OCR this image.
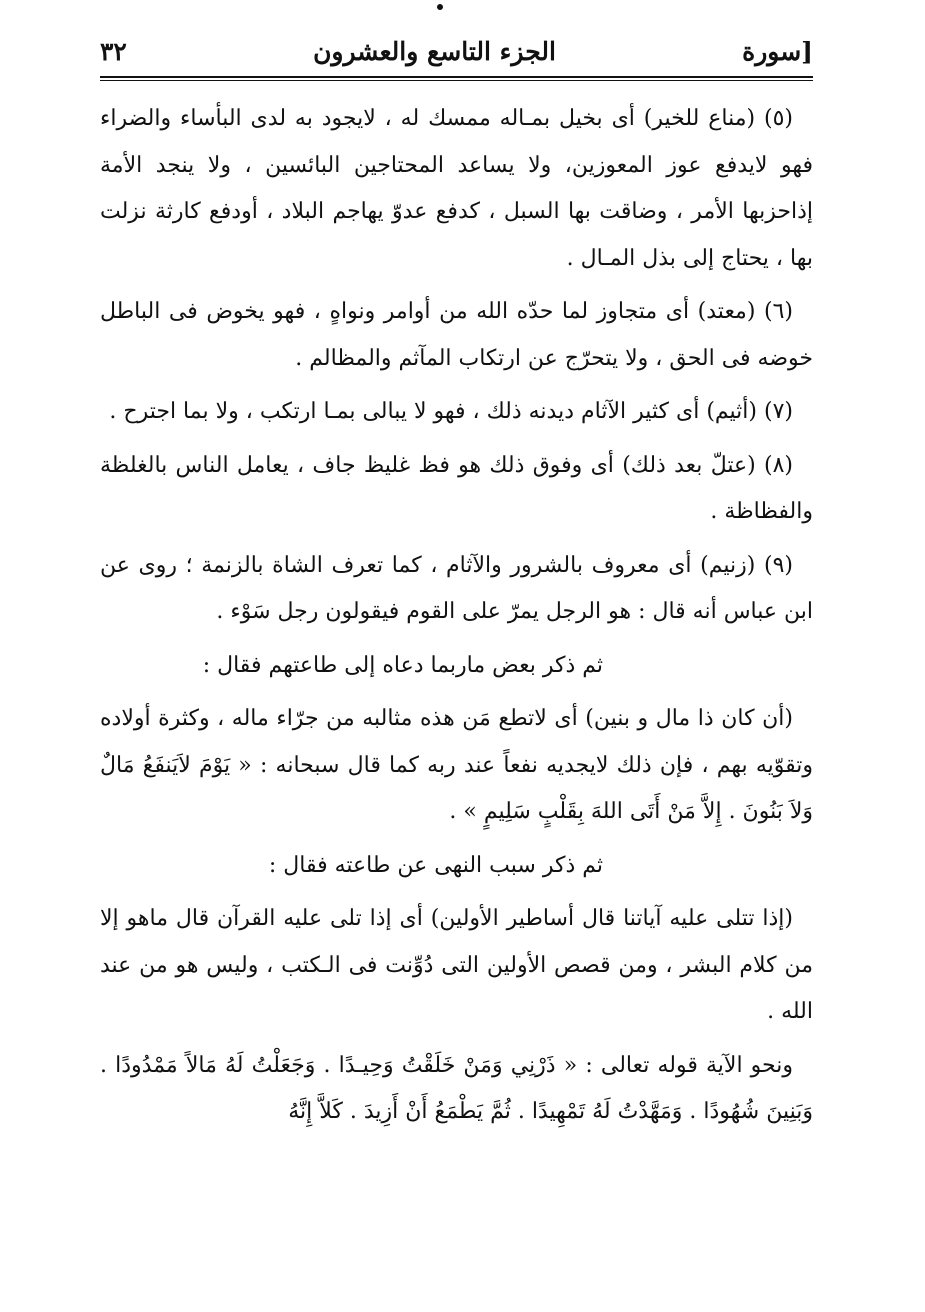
٣٢	الجزء التاسع والعشرون	[سورة

(٥) (مناع للخير) أى بخيل بمـاله ممسك له ، لايجود به لدى البأساء والضراء فهو لايدفع عوز المعوزين، ولا يساعد المحتاجين البائسين ، ولا ينجد الأمة إذاحزبها الأمر ، وضاقت بها السبل ، كدفع عدوّ يهاجم البلاد ، أودفع كارثة نزلت بها ، يحتاج إلى بذل المـال .

(٦) (معتد) أى متجاوز لما حدّه الله من أوامر ونواهٍ ، فهو يخوض فى الباطل خوضه فى الحق ، ولا يتحرّج عن ارتكاب المآثم والمظالم .

(٧) (أثيم) أى كثير الآثام ديدنه ذلك ، فهو لا يبالى بمـا ارتكب ، ولا بما اجترح .

(٨) (عتلّ بعد ذلك) أى وفوق ذلك هو فظ غليظ جاف ، يعامل الناس بالغلظة والفظاظة .

(٩) (زنيم) أى معروف بالشرور والآثام ، كما تعرف الشاة بالزنمة ؛ روى عن ابن عباس أنه قال : هو الرجل يمرّ على القوم فيقولون رجل سَوْء .

ثم ذكر بعض ماربما دعاه إلى طاعتهم فقال :

(أن كان ذا مال و بنين) أى لاتطع مَن هذه مثالبه من جرّاء ماله ، وكثرة أولاده وتقوّيه بهم ، فإن ذلك لايجديه نفعاً عند ربه كما قال سبحانه : « يَوْمَ لاَيَنفَعُ مَالٌ وَلاَ بَنُونَ . إِلاَّ مَنْ أَتَى اللهَ بِقَلْبٍ سَلِيمٍ » .

ثم ذكر سبب النهى عن طاعته فقال :

(إذا تتلى عليه آياتنا قال أساطير الأولين) أى إذا تلى عليه القرآن قال ماهو إلا من كلام البشر ، ومن قصص الأولين التى دُوِّنت فى الـكتب ، وليس هو من عند الله .

ونحو الآية قوله تعالى : « ذَرْنِي وَمَنْ خَلَقْتُ وَحِيـدًا . وَجَعَلْتُ لَهُ مَالاً مَمْدُودًا . وَبَنِينَ شُهُودًا . وَمَهَّدْتُ لَهُ تَمْهِيدًا . ثُمَّ يَطْمَعُ أَنْ أَزِيدَ . كَلاَّ إِنَّهُ
